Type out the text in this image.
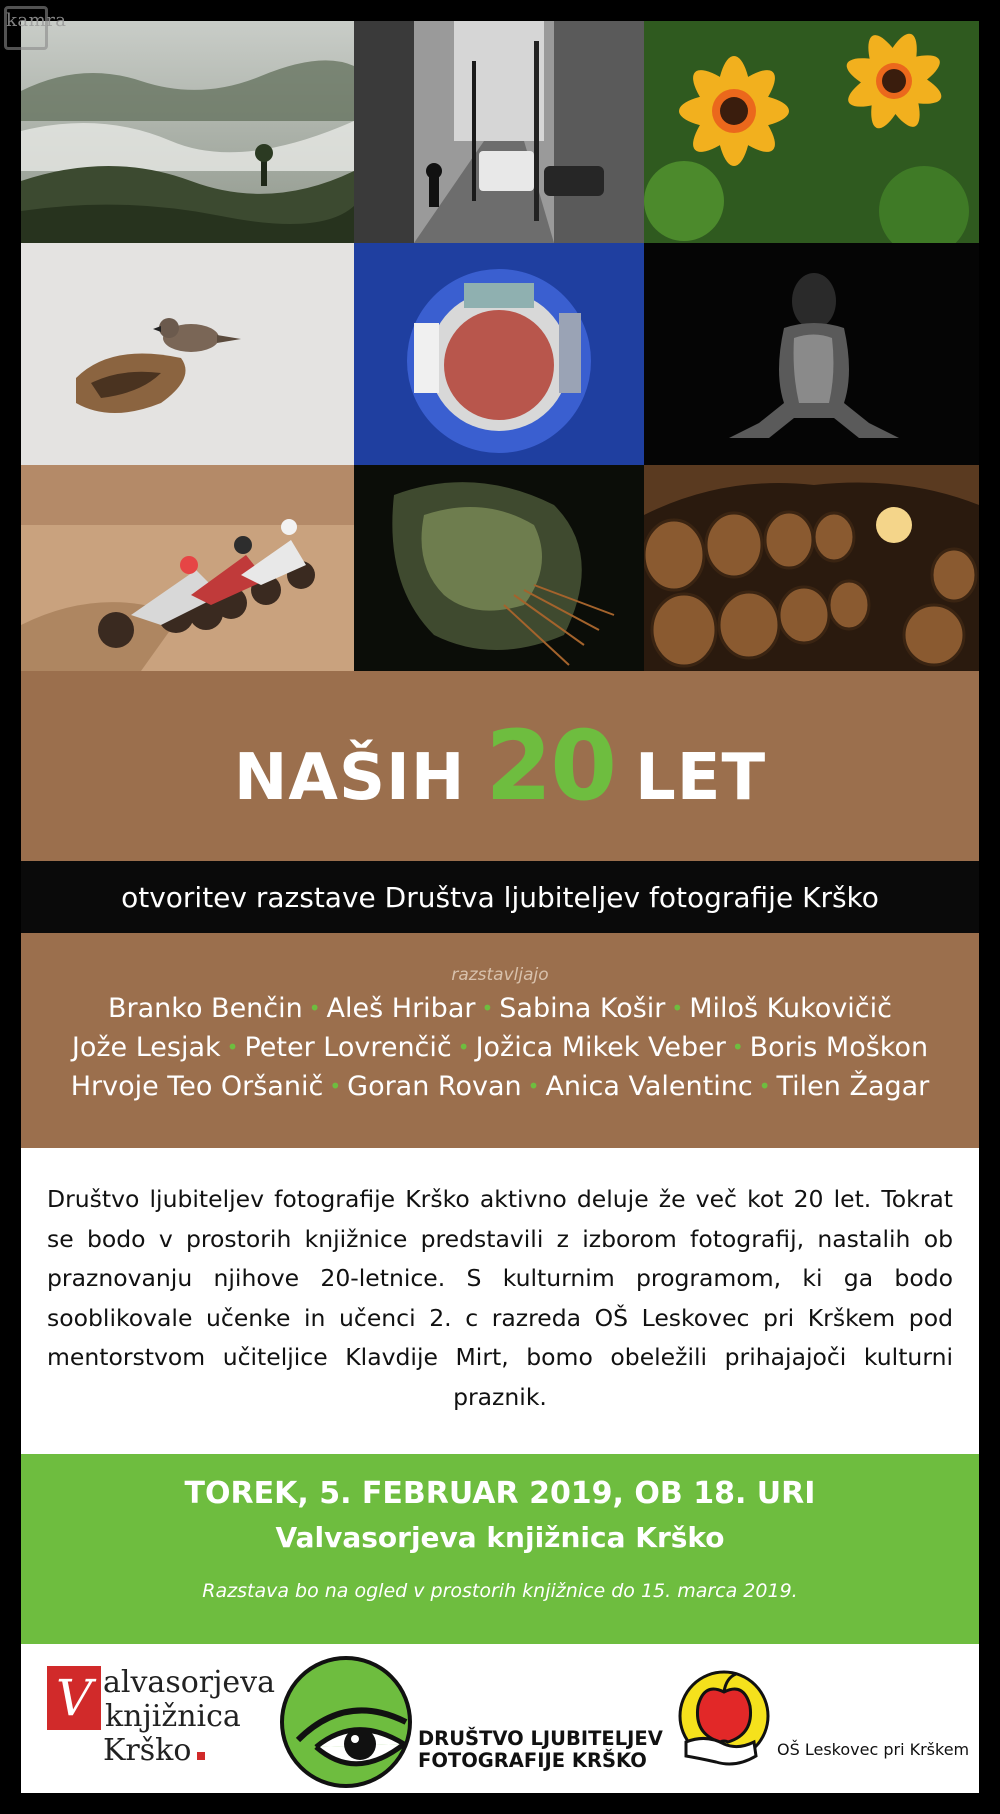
kamra
NAŠIH 20 LET
otvoritev razstave Društva ljubiteljev fotografije Krško
razstavljajo
Branko Benčin • Aleš Hribar • Sabina Košir • Miloš Kukovičič
Jože Lesjak • Peter Lovrenčič • Jožica Mikek Veber • Boris Moškon
Hrvoje Teo Oršanič • Goran Rovan • Anica Valentinc • Tilen Žagar

Društvo ljubiteljev fotografije Krško aktivno deluje že več kot 20 let. Tokrat se bodo v prostorih knjižnice predstavili z izborom fotografij, nastalih ob praznovanju njihove 20-letnice. S kulturnim programom, ki ga bodo sooblikovale učenke in učenci 2. c razreda OŠ Leskovec pri Krškem pod mentorstvom učiteljice Klavdije Mirt, bomo obeležili prihajajoči kulturni praznik.

TOREK, 5. FEBRUAR 2019, OB 18. URI
Valvasorjeva knjižnica Krško
Razstava bo na ogled v prostorih knjižnice do 15. marca 2019.
V alvasorjeva
knjižnica
Krško	DRUŠTVO LJUBITELJEV
FOTOGRAFIJE KRŠKO	OŠ Leskovec pri Krškem
